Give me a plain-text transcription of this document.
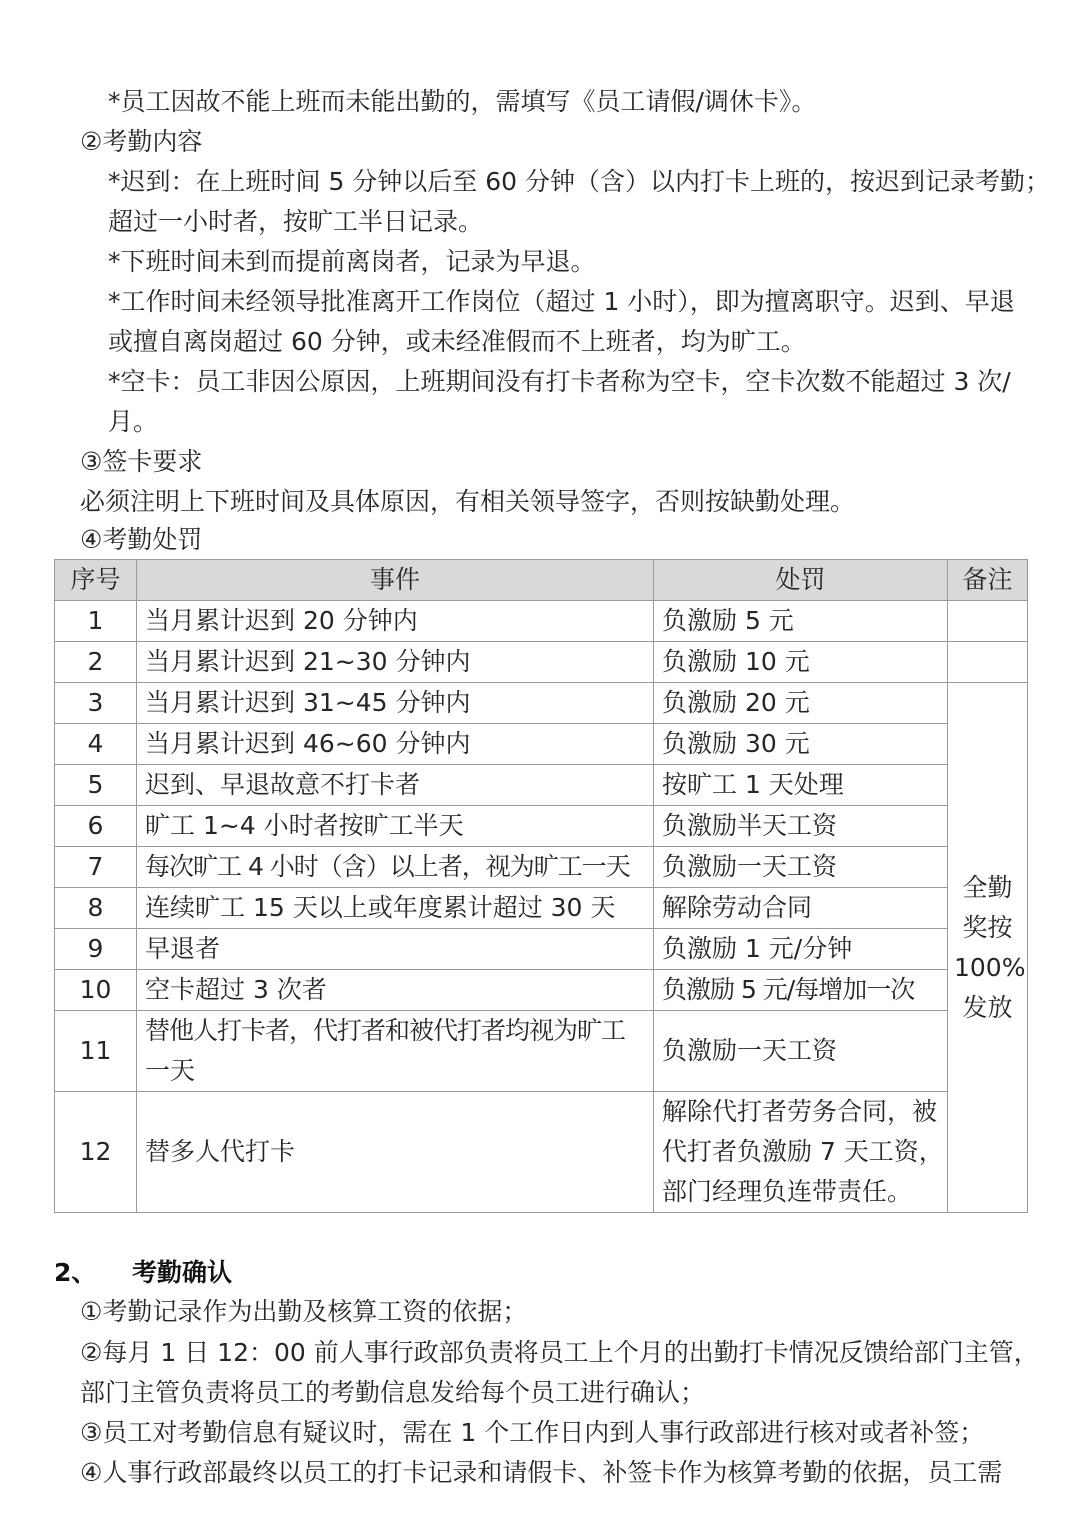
*员工因故不能上班而未能出勤的，需填写《员工请假/调休卡》。
②考勤内容
*迟到：在上班时间 5 分钟以后至 60 分钟（含）以内打卡上班的，按迟到记录考勤；
超过一小时者，按旷工半日记录。
*下班时间未到而提前离岗者，记录为早退。
*工作时间未经领导批准离开工作岗位（超过 1 小时），即为擅离职守。迟到、早退
或擅自离岗超过 60 分钟，或未经准假而不上班者，均为旷工。
*空卡：员工非因公原因，上班期间没有打卡者称为空卡，空卡次数不能超过 3 次/
月。
③签卡要求
必须注明上下班时间及具体原因，有相关领导签字，否则按缺勤处理。
④考勤处罚
序号	事件	处罚	备注
1	当月累计迟到 20 分钟内	负激励 5 元	
2	当月累计迟到 21~30 分钟内	负激励 10 元	
3	当月累计迟到 31~45 分钟内	负激励 20 元	全勤
奖按
100%
发放

4	当月累计迟到 46~60 分钟内	负激励 30 元	
5	迟到、早退故意不打卡者	按旷工 1 天处理	
6	旷工 1~4 小时者按旷工半天	负激励半天工资	
7	每次旷工 4 小时（含）以上者，视为旷工一天	负激励一天工资	
8	连续旷工 15 天以上或年度累计超过 30 天	解除劳动合同	
9	早退者	负激励 1 元/分钟	
10	空卡超过 3 次者	负激励 5 元/每增加一次	
11	替他人打卡者，代打者和被代打者均视为旷工
一天	负激励一天工资	
12	替多人代打卡	解除代打者劳务合同，被
代打者负激励 7 天工资，
部门经理负连带责任。	
2、 考勤确认
①考勤记录作为出勤及核算工资的依据；
②每月 1 日 12：00 前人事行政部负责将员工上个月的出勤打卡情况反馈给部门主管，
部门主管负责将员工的考勤信息发给每个员工进行确认；
③员工对考勤信息有疑议时，需在 1 个工作日内到人事行政部进行核对或者补签；
④人事行政部最终以员工的打卡记录和请假卡、补签卡作为核算考勤的依据，员工需
